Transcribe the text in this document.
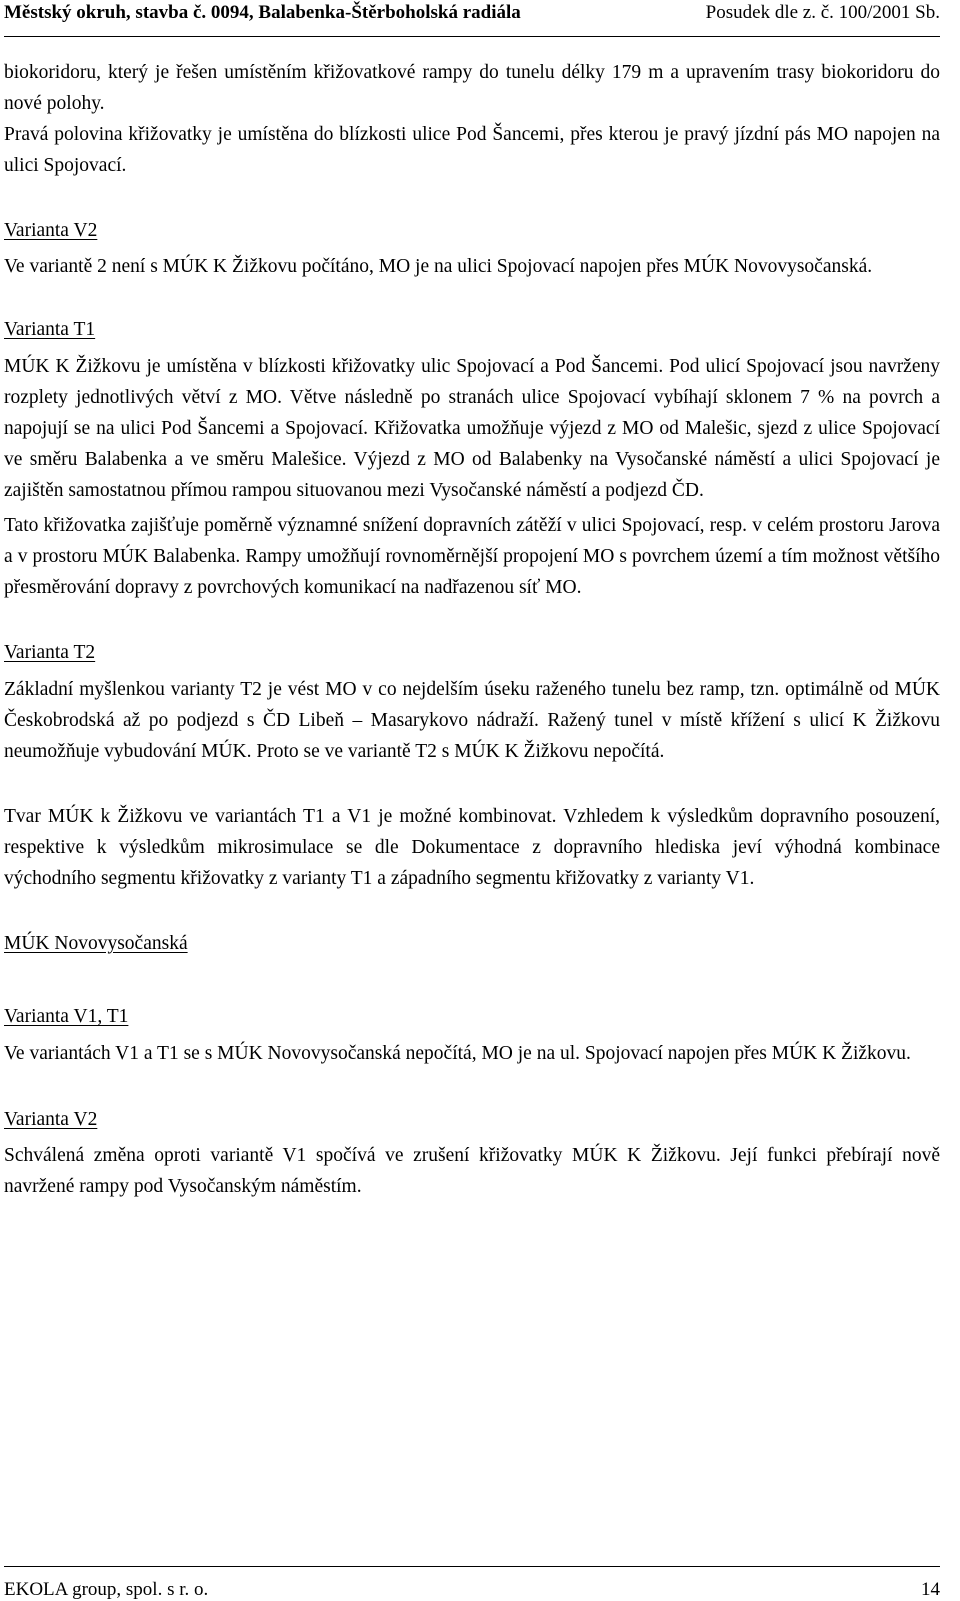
Městský okruh, stavba č. 0094, Balabenka-Štěrboholská radiála	Posudek dle z. č. 100/2001 Sb.

biokoridoru, který je řešen umístěním křižovatkové rampy do tunelu délky 179 m a upravením trasy biokoridoru do nové polohy.

Pravá polovina křižovatky je umístěna do blízkosti ulice Pod Šancemi, přes kterou je pravý jízdní pás MO napojen na ulici Spojovací.

Varianta V2

Ve variantě 2 není s MÚK K Žižkovu počítáno, MO je na ulici Spojovací napojen přes MÚK Novovysočanská.

Varianta T1

MÚK K Žižkovu je umístěna v blízkosti křižovatky ulic Spojovací a Pod Šancemi. Pod ulicí Spojovací jsou navrženy rozplety jednotlivých větví z MO. Větve následně po stranách ulice Spojovací vybíhají sklonem 7 % na povrch a napojují se na ulici Pod Šancemi a Spojovací. Křižovatka umožňuje výjezd z MO od Malešic, sjezd z ulice Spojovací ve směru Balabenka a ve směru Malešice. Výjezd z MO od Balabenky na Vysočanské náměstí a ulici Spojovací je zajištěn samostatnou přímou rampou situovanou mezi Vysočanské náměstí a podjezd ČD.

Tato křižovatka zajišťuje poměrně významné snížení dopravních zátěží v ulici Spojovací, resp. v celém prostoru Jarova a v prostoru MÚK Balabenka. Rampy umožňují rovnoměrnější propojení MO s povrchem území a tím možnost většího přesměrování dopravy z povrchových komunikací na nadřazenou síť MO.

Varianta T2

Základní myšlenkou varianty T2 je vést MO v co nejdelším úseku raženého tunelu bez ramp, tzn. optimálně od MÚK Českobrodská až po podjezd s ČD Libeň – Masarykovo nádraží. Ražený tunel v místě křížení s ulicí K Žižkovu neumožňuje vybudování MÚK. Proto se ve variantě T2 s MÚK K Žižkovu nepočítá.

Tvar MÚK k Žižkovu ve variantách T1 a V1 je možné kombinovat. Vzhledem k výsledkům dopravního posouzení, respektive k výsledkům mikrosimulace se dle Dokumentace z dopravního hlediska jeví výhodná kombinace východního segmentu křižovatky z varianty T1 a západního segmentu křižovatky z varianty V1.

MÚK Novovysočanská

Varianta V1, T1

Ve variantách V1 a T1 se s MÚK Novovysočanská nepočítá, MO je na ul. Spojovací napojen přes MÚK K Žižkovu.

Varianta V2

Schválená změna oproti variantě V1 spočívá ve zrušení křižovatky MÚK K Žižkovu. Její funkci přebírají nově navržené rampy pod Vysočanským náměstím.

EKOLA group, spol. s r. o.	14
